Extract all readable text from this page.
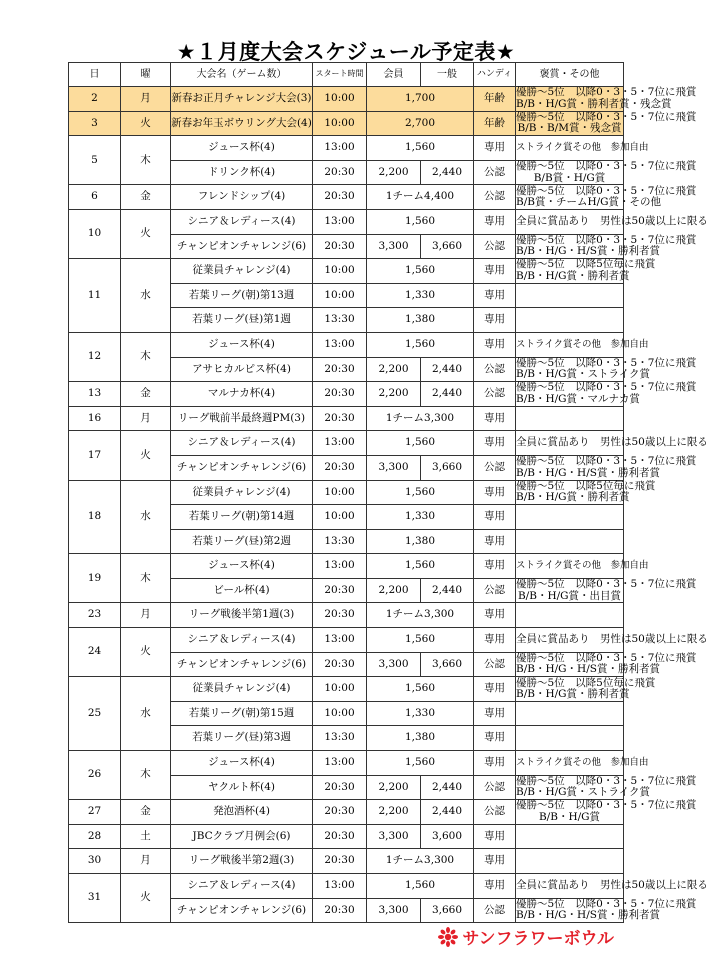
★１月度大会スケジュール予定表★
日	曜	大会名（ゲーム数）	スタート時間	会員	一般	ハンディ	褒賞・その他
2	月	新春お正月チャレンジ大会(3)	10:00	1,700		年齢	優勝～5位　以降0・3・5・7位に飛賞
B/B・H/G賞・勝利者賞・残念賞

3	火	新春お年玉ボウリング大会(4)	10:00	2,700		年齢	優勝～5位　以降0・3・5・7位に飛賞
B/B・B/M賞・残念賞

5	木	ジュース杯(4)	13:00	1,560		専用	ストライク賞その他　参加自由

		ドリンク杯(4)	20:30	2,200	2,440	公認	優勝～5位　以降0・3・5・7位に飛賞
B/B賞・H/G賞

6	金	フレンドシップ(4)	20:30	1チーム4,400		公認	優勝～5位　以降0・3・5・7位に飛賞
B/B賞・チームH/G賞・その他

10	火	シニア＆レディース(4)	13:00	1,560		専用	全員に賞品あり　男性は50歳以上に限る

		チャンピオンチャレンジ(6)	20:30	3,300	3,660	公認	優勝～5位　以降0・3・5・7位に飛賞
B/B・H/G・H/S賞・勝利者賞

11	水	従業員チャレンジ(4)	10:00	1,560		専用	優勝～5位　以降5位毎に飛賞
B/B・H/G賞・勝利者賞

		若葉リーグ(朝)第13週	10:00	1,330		専用	
		若葉リーグ(昼)第1週	13:30	1,380		専用	
12	木	ジュース杯(4)	13:00	1,560		専用	ストライク賞その他　参加自由

		アサヒカルピス杯(4)	20:30	2,200	2,440	公認	優勝～5位　以降0・3・5・7位に飛賞
B/B・H/G賞・ストライク賞

13	金	マルナカ杯(4)	20:30	2,200	2,440	公認	優勝～5位　以降0・3・5・7位に飛賞
B/B・H/G賞・マルナカ賞

16	月	リーグ戦前半最終週PM(3)	20:30	1チーム3,300		専用	
17	火	シニア＆レディース(4)	13:00	1,560		専用	全員に賞品あり　男性は50歳以上に限る

		チャンピオンチャレンジ(6)	20:30	3,300	3,660	公認	優勝～5位　以降0・3・5・7位に飛賞
B/B・H/G・H/S賞・勝利者賞

18	水	従業員チャレンジ(4)	10:00	1,560		専用	優勝～5位　以降5位毎に飛賞
B/B・H/G賞・勝利者賞

		若葉リーグ(朝)第14週	10:00	1,330		専用	
		若葉リーグ(昼)第2週	13:30	1,380		専用	
19	木	ジュース杯(4)	13:00	1,560		専用	ストライク賞その他　参加自由

		ビール杯(4)	20:30	2,200	2,440	公認	優勝～5位　以降0・3・5・7位に飛賞
B/B・H/G賞・出目賞

23	月	リーグ戦後半第1週(3)	20:30	1チーム3,300		専用	
24	火	シニア＆レディース(4)	13:00	1,560		専用	全員に賞品あり　男性は50歳以上に限る

		チャンピオンチャレンジ(6)	20:30	3,300	3,660	公認	優勝～5位　以降0・3・5・7位に飛賞
B/B・H/G・H/S賞・勝利者賞

25	水	従業員チャレンジ(4)	10:00	1,560		専用	優勝～5位　以降5位毎に飛賞
B/B・H/G賞・勝利者賞

		若葉リーグ(朝)第15週	10:00	1,330		専用	
		若葉リーグ(昼)第3週	13:30	1,380		専用	
26	木	ジュース杯(4)	13:00	1,560		専用	ストライク賞その他　参加自由

		ヤクルト杯(4)	20:30	2,200	2,440	公認	優勝～5位　以降0・3・5・7位に飛賞
B/B・H/G賞・ストライク賞

27	金	発泡酒杯(4)	20:30	2,200	2,440	公認	優勝～5位　以降0・3・5・7位に飛賞
B/B・H/G賞

28	土	JBCクラブ月例会(6)	20:30	3,300	3,600	専用	
30	月	リーグ戦後半第2週(3)	20:30	1チーム3,300		専用	
31	火	シニア＆レディース(4)	13:00	1,560		専用	全員に賞品あり　男性は50歳以上に限る

		チャンピオンチャレンジ(6)	20:30	3,300	3,660	公認	優勝～5位　以降0・3・5・7位に飛賞
B/B・H/G・H/S賞・勝利者賞
サンフラワーボウル
